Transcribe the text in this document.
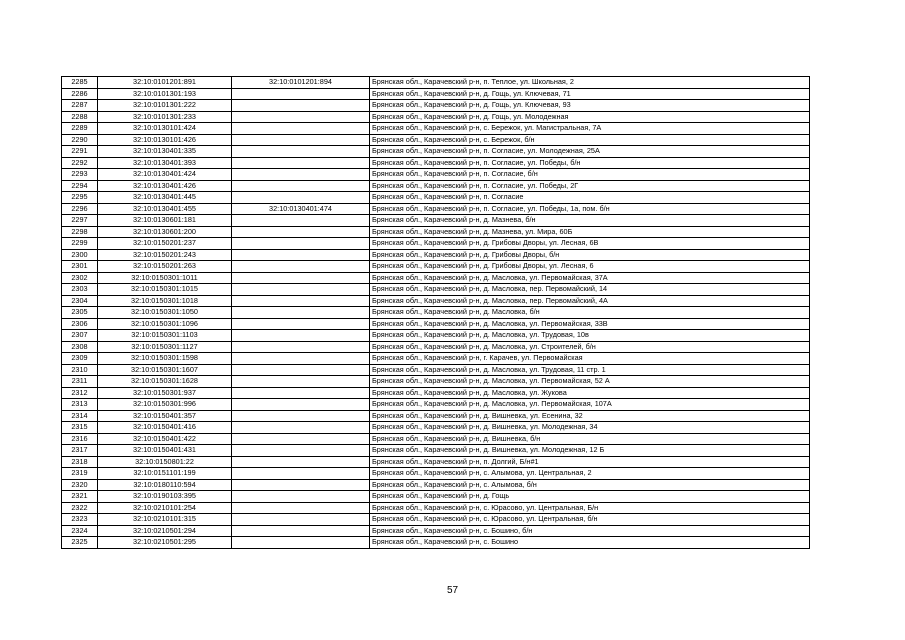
2285	32:10:0101201:891	32:10:0101201:894	Брянская обл., Карачевский р-н, п. Теплое, ул. Школьная, 2
2286	32:10:0101301:193		Брянская обл., Карачевский р-н, д. Гощь, ул. Ключевая, 71
2287	32:10:0101301:222		Брянская обл., Карачевский р-н, д. Гощь, ул. Ключевая, 93
2288	32:10:0101301:233		Брянская обл., Карачевский р-н, д. Гощь, ул. Молодежная
2289	32:10:0130101:424		Брянская обл., Карачевский р-н, с. Бережок, ул. Магистральная, 7А
2290	32:10:0130101:426		Брянская обл., Карачевский р-н, с. Бережок, б/н
2291	32:10:0130401:335		Брянская обл., Карачевский р-н, п. Согласие, ул. Молодежная, 25А
2292	32:10:0130401:393		Брянская обл., Карачевский р-н, п. Согласие, ул. Победы, б/н
2293	32:10:0130401:424		Брянская обл., Карачевский р-н, п. Согласие, б/н
2294	32:10:0130401:426		Брянская обл., Карачевский р-н, п. Согласие, ул. Победы, 2Г
2295	32:10:0130401:445		Брянская обл., Карачевский р-н, п. Согласие
2296	32:10:0130401:455	32:10:0130401:474	Брянская обл., Карачевский р-н, п. Согласие, ул. Победы, 1а, пом. б/н
2297	32:10:0130601:181		Брянская обл., Карачевский р-н, д. Мазнева, б/н
2298	32:10:0130601:200		Брянская обл., Карачевский р-н, д. Мазнева, ул. Мира, 60Б
2299	32:10:0150201:237		Брянская обл., Карачевский р-н, д. Грибовы Дворы, ул. Лесная, 6В
2300	32:10:0150201:243		Брянская обл., Карачевский р-н, д. Грибовы Дворы, б/н
2301	32:10:0150201:263		Брянская обл., Карачевский р-н, д. Грибовы Дворы, ул. Лесная, 6
2302	32:10:0150301:1011		Брянская обл., Карачевский р-н, д. Масловка, ул. Первомайская, 37А
2303	32:10:0150301:1015		Брянская обл., Карачевский р-н, д. Масловка, пер. Первомайский, 14
2304	32:10:0150301:1018		Брянская обл., Карачевский р-н, д. Масловка, пер. Первомайский, 4А
2305	32:10:0150301:1050		Брянская обл., Карачевский р-н, д. Масловка, б/н
2306	32:10:0150301:1096		Брянская обл., Карачевский р-н, д. Масловка, ул. Первомайская, 33В
2307	32:10:0150301:1103		Брянская обл., Карачевский р-н, д. Масловка, ул. Трудовая, 10в
2308	32:10:0150301:1127		Брянская обл., Карачевский р-н, д. Масловка, ул. Строителей, б/н
2309	32:10:0150301:1598		Брянская обл., Карачевский р-н, г. Карачев, ул. Первомайская
2310	32:10:0150301:1607		Брянская обл., Карачевский р-н, д. Масловка, ул. Трудовая, 11 стр. 1
2311	32:10:0150301:1628		Брянская обл., Карачевский р-н, д. Масловка, ул. Первомайская, 52 А
2312	32:10:0150301:937		Брянская обл., Карачевский р-н, д. Масловка, ул. Жукова
2313	32:10:0150301:996		Брянская обл., Карачевский р-н, д. Масловка, ул. Первомайская, 107А
2314	32:10:0150401:357		Брянская обл., Карачевский р-н, д. Вишневка, ул. Есенина, 32
2315	32:10:0150401:416		Брянская обл., Карачевский р-н, д. Вишневка, ул. Молодежная, 34
2316	32:10:0150401:422		Брянская обл., Карачевский р-н, д. Вишневка, б/н
2317	32:10:0150401:431		Брянская обл., Карачевский р-н, д. Вишневка, ул. Молодежная, 12 Б
2318	32:10:0150801:22		Брянская обл., Карачевский р-н, п. Долгий, Б/н#1
2319	32:10:0151101:199		Брянская обл., Карачевский р-н, с. Алымова, ул. Центральная, 2
2320	32:10:0180110:594		Брянская обл., Карачевский р-н, с. Алымова, б/н
2321	32:10:0190103:395		Брянская обл., Карачевский р-н, д. Гощь
2322	32:10:0210101:254		Брянская обл., Карачевский р-н, с. Юрасово, ул. Центральная, Б/н
2323	32:10:0210101:315		Брянская обл., Карачевский р-н, с. Юрасово, ул. Центральная, б/н
2324	32:10:0210501:294		Брянская обл., Карачевский р-н, с. Бошино, б/н
2325	32:10:0210501:295		Брянская обл., Карачевский р-н, с. Бошино
57
